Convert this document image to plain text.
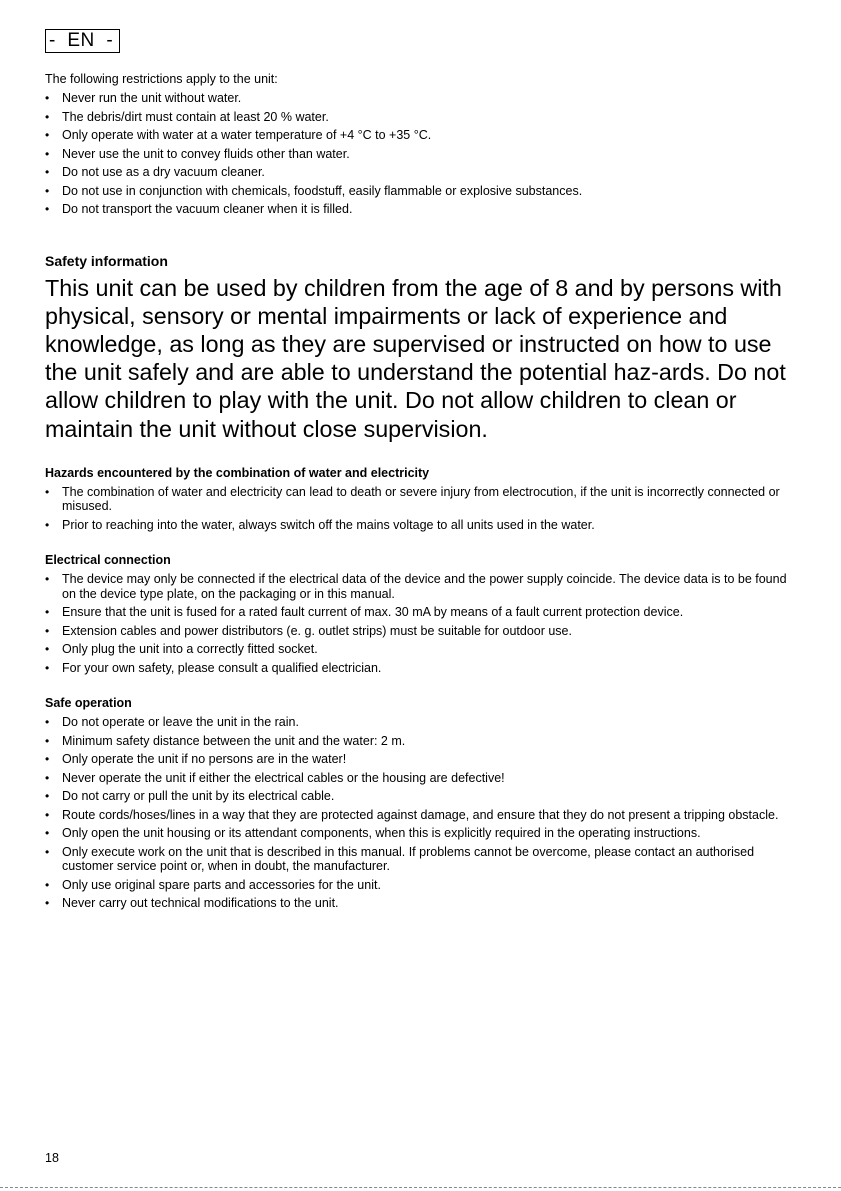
-  EN  -

The following restrictions apply to the unit:

• Never run the unit without water.
• The debris/dirt must contain at least 20 % water.
• Only operate with water at a water temperature of +4 °C to +35 °C.
• Never use the unit to convey fluids other than water.
• Do not use as a dry vacuum cleaner.
• Do not use in conjunction with chemicals, foodstuff, easily flammable or explosive substances.
• Do not transport the vacuum cleaner when it is filled.
Safety information

This unit can be used by children from the age of 8 and by persons with physical, sensory or mental impairments or lack of experience and knowledge, as long as they are supervised or instructed on how to use the unit safely and are able to understand the potential haz-ards. Do not allow children to play with the unit. Do not allow children to clean or maintain the unit without close supervision.

Hazards encountered by the combination of water and electricity
• The combination of water and electricity can lead to death or severe injury from electrocution, if the unit is incorrectly connected or misused.
• Prior to reaching into the water, always switch off the mains voltage to all units used in the water.
Electrical connection
• The device may only be connected if the electrical data of the device and the power supply coincide. The device data is to be found on the device type plate, on the packaging or in this manual.
• Ensure that the unit is fused for a rated fault current of max. 30 mA by means of a fault current protection device.
• Extension cables and power distributors (e. g. outlet strips) must be suitable for outdoor use.
• Only plug the unit into a correctly fitted socket.
• For your own safety, please consult a qualified electrician.
Safe operation
• Do not operate or leave the unit in the rain.
• Minimum safety distance between the unit and the water: 2 m.
• Only operate the unit if no persons are in the water!
• Never operate the unit if either the electrical cables or the housing are defective!
• Do not carry or pull the unit by its electrical cable.
• Route cords/hoses/lines in a way that they are protected against damage, and ensure that they do not present a tripping obstacle.
• Only open the unit housing or its attendant components, when this is explicitly required in the operating instructions.
• Only execute work on the unit that is described in this manual. If problems cannot be overcome, please contact an authorised customer service point or, when in doubt, the manufacturer.
• Only use original spare parts and accessories for the unit.
• Never carry out technical modifications to the unit.
18
